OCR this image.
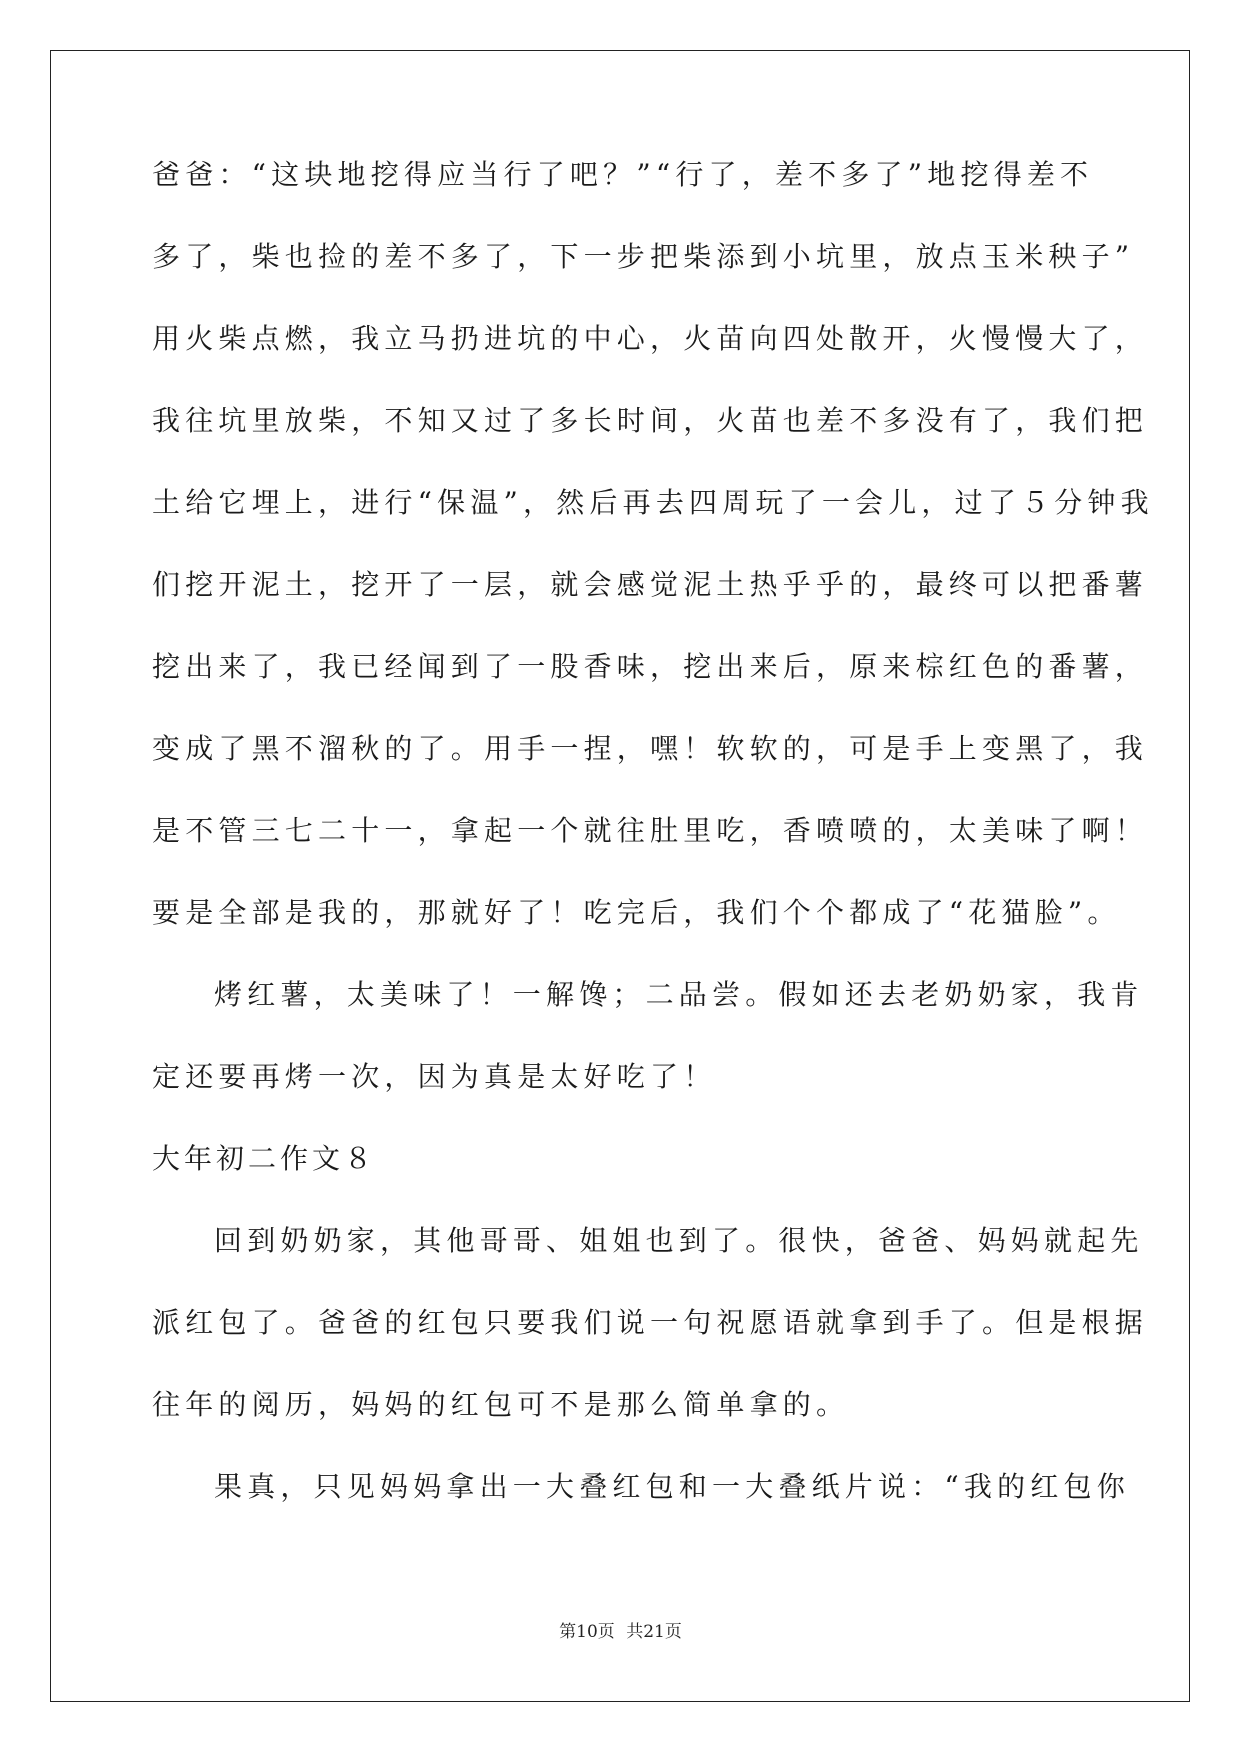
爸爸：“这块地挖得应当行了吧？”“行了，差不多了”地挖得差不
多了，柴也捡的差不多了，下一步把柴添到小坑里，放点玉米秧子”
用火柴点燃，我立马扔进坑的中心，火苗向四处散开，火慢慢大了，
我往坑里放柴，不知又过了多长时间，火苗也差不多没有了，我们把
土给它埋上，进行“保温”，然后再去四周玩了一会儿，过了５分钟我
们挖开泥土，挖开了一层，就会感觉泥土热乎乎的，最终可以把番薯
挖出来了，我已经闻到了一股香味，挖出来后，原来棕红色的番薯，
变成了黑不溜秋的了。用手一捏，嘿！软软的，可是手上变黑了，我
是不管三七二十一，拿起一个就往肚里吃，香喷喷的，太美味了啊！
要是全部是我的，那就好了！吃完后，我们个个都成了“花猫脸”。
烤红薯，太美味了！一解馋；二品尝。假如还去老奶奶家，我肯
定还要再烤一次，因为真是太好吃了！
大年初二作文８
回到奶奶家，其他哥哥、姐姐也到了。很快，爸爸、妈妈就起先
派红包了。爸爸的红包只要我们说一句祝愿语就拿到手了。但是根据
往年的阅历，妈妈的红包可不是那么简单拿的。
果真，只见妈妈拿出一大叠红包和一大叠纸片说：“我的红包你
第10页 共21页
